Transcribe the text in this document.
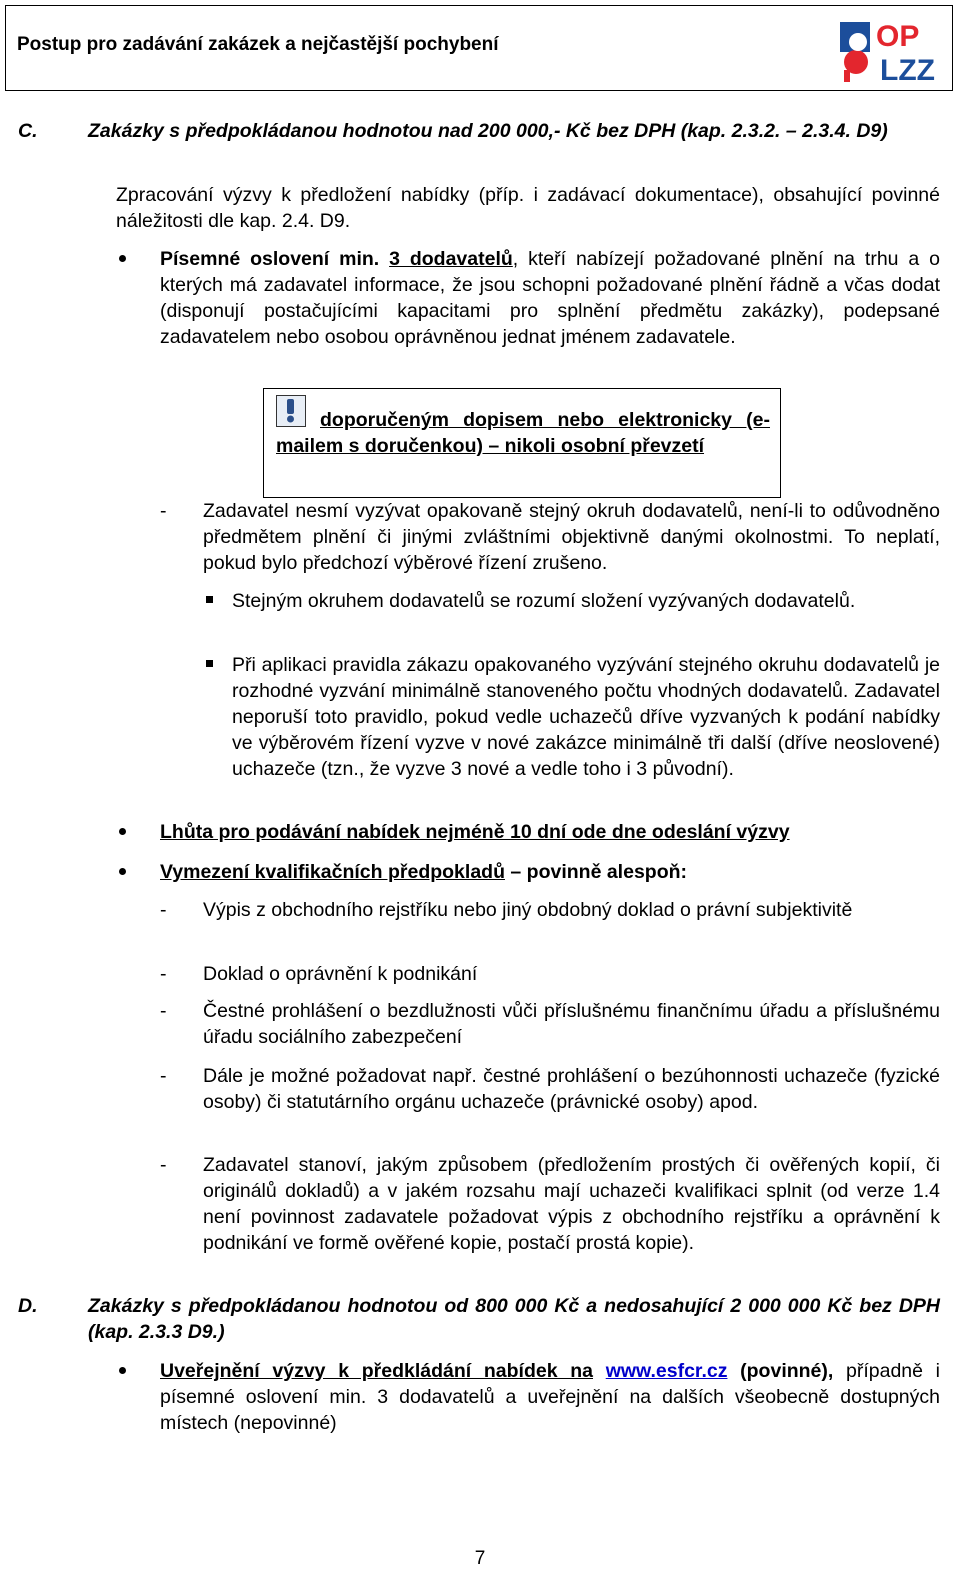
Postup pro zadávání zakázek a nejčastější pochybení	OP
LZZ
C.	Zakázky s předpokládanou hodnotou nad 200 000,- Kč bez DPH (kap. 2.3.2. – 2.3.4. D9)
Zpracování výzvy k předložení nabídky (příp. i zadávací dokumentace), obsahující povinné náležitosti dle kap. 2.4. D9.
Písemné oslovení min. 3 dodavatelů, kteří nabízejí požadované plnění na trhu a o kterých má zadavatel informace, že jsou schopni požadované plnění řádně a včas dodat (disponují postačujícími kapacitami pro splnění předmětu zakázky), podepsané zadavatelem nebo osobou oprávněnou jednat jménem zadavatele.
doporučeným dopisem nebo elektronicky (e-mailem s doručenkou) – nikoli osobní převzetí
- Zadavatel nesmí vyzývat opakovaně stejný okruh dodavatelů, není-li to odůvodněno předmětem plnění či jinými zvláštními objektivně danými okolnostmi. To neplatí, pokud bylo předchozí výběrové řízení zrušeno.
Stejným okruhem dodavatelů se rozumí složení vyzývaných dodavatelů.
Při aplikaci pravidla zákazu opakovaného vyzývání stejného okruhu dodavatelů je rozhodné vyzvání minimálně stanoveného počtu vhodných dodavatelů. Zadavatel neporuší toto pravidlo, pokud vedle uchazečů dříve vyzvaných k podání nabídky ve výběrovém řízení vyzve v nové zakázce minimálně tři další (dříve neoslovené) uchazeče (tzn., že vyzve 3 nové a vedle toho i 3 původní).
Lhůta pro podávání nabídek nejméně 10 dní ode dne odeslání výzvy
Vymezení kvalifikačních předpokladů – povinně alespoň:
- Výpis z obchodního rejstříku nebo jiný obdobný doklad o právní subjektivitě
- Doklad o oprávnění k podnikání
- Čestné prohlášení o bezdlužnosti vůči příslušnému finančnímu úřadu a příslušnému úřadu sociálního zabezpečení
- Dále je možné požadovat např. čestné prohlášení o bezúhonnosti uchazeče (fyzické osoby) či statutárního orgánu uchazeče (právnické osoby) apod.
- Zadavatel stanoví, jakým způsobem (předložením prostých či ověřených kopií, či originálů dokladů) a v jakém rozsahu mají uchazeči kvalifikaci splnit (od verze 1.4 není povinnost zadavatele požadovat výpis z obchodního rejstříku a oprávnění k podnikání ve formě ověřené kopie, postačí prostá kopie).
D.	Zakázky s předpokládanou hodnotou od 800 000 Kč a nedosahující 2 000 000 Kč bez DPH (kap. 2.3.3 D9.)
Uveřejnění výzvy k předkládání nabídek na www.esfcr.cz (povinné), případně i písemné oslovení min. 3 dodavatelů a uveřejnění na dalších všeobecně dostupných místech (nepovinné)
7
